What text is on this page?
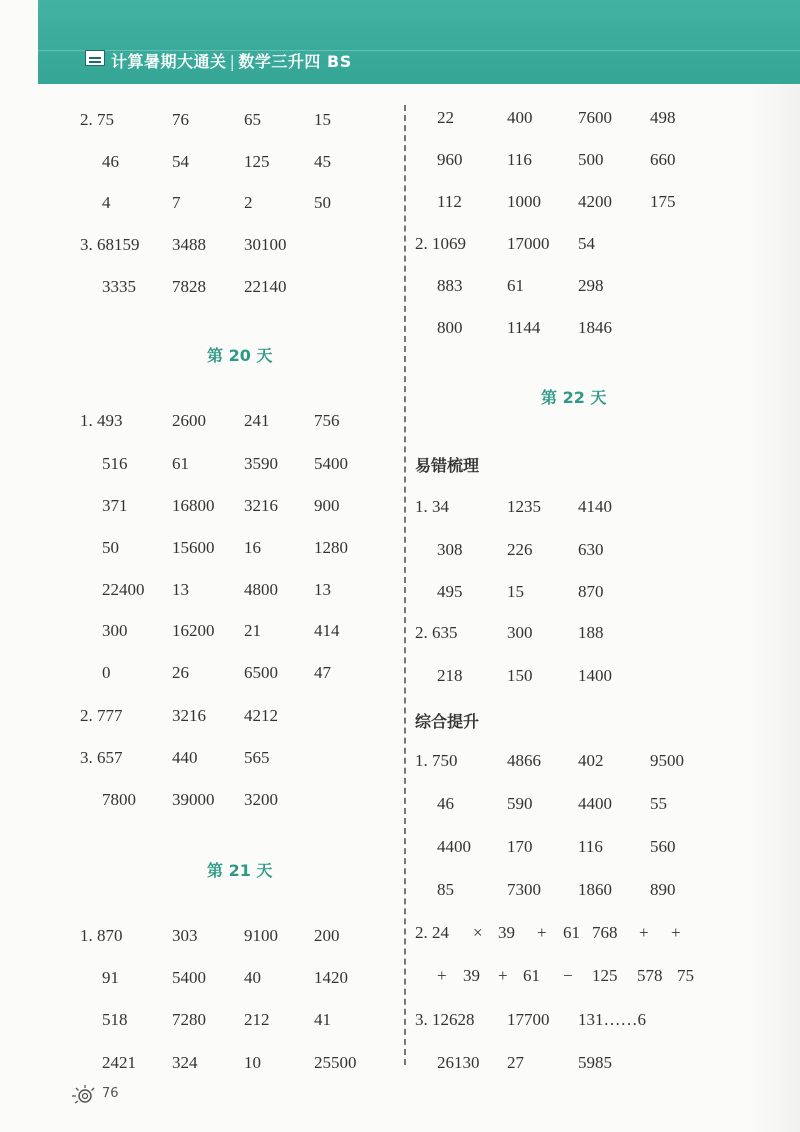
计算暑期大通关 | 数学三升四 BS
2. 75	76	65	15
46	54	125	45
4	7	2	50
3. 68159 3488 30100
3335 7828 22140
第 20 天
1. 493	2600 241	756
516	61	3590 5400
371	16800 3216 900
50	15600 16	1280
22400 13	4800 13
300	16200 21	414
0	26	6500 47
2. 777	3216 4212
3. 657	440	565
7800 39000 3200
第 21 天
1. 870	303	9100 200
91	5400 40	1420
518	7280 212	41
2421 324	10	25500
22	400	7600 498
960	116	500	660
112	1000 4200 175
2. 1069 17000 54
883	61	298
800	1144 1846
第 22 天
易错梳理
1. 34	1235 4140
308	226	630
495	15	870
2. 635	300	188
218	150	1400
综合提升
1. 750	4866 402	9500
46	590	4400 55
4400 170	116	560
85	7300 1860 890
2. 24 × 39 + 61 768 + +
+ 39 + 61 − 125 578 75
3. 12628 17700 131……6
26130 27	5985
76
